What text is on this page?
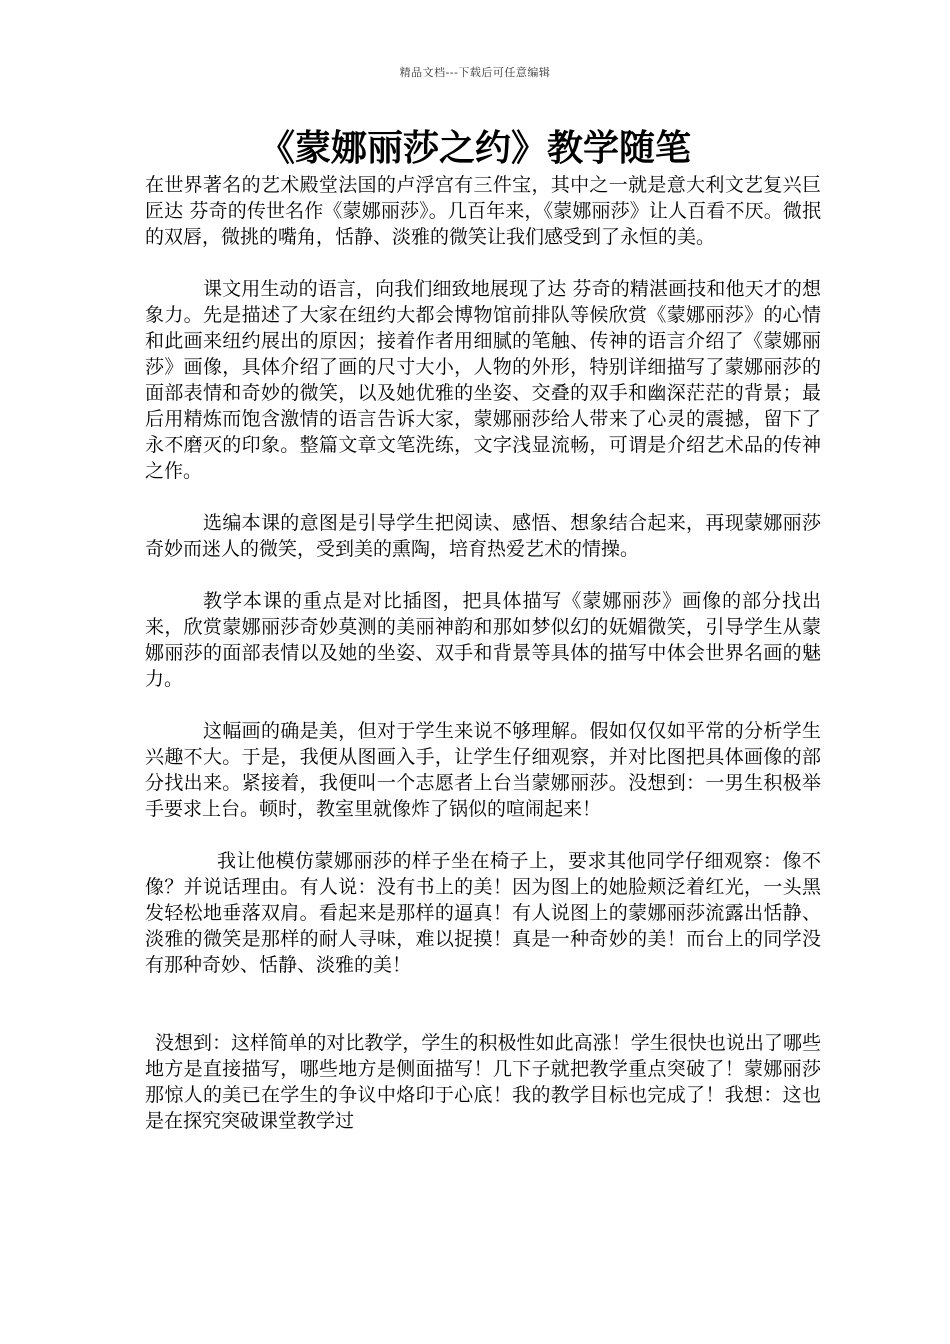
精品文档---下载后可任意编辑
《蒙娜丽莎之约》教学随笔

在世界著名的艺术殿堂法国的卢浮宫有三件宝，其中之一就是意大利文艺复兴巨匠达 芬奇的传世名作《蒙娜丽莎》。几百年来，《蒙娜丽莎》让人百看不厌。微抿的双唇，微挑的嘴角，恬静、淡雅的微笑让我们感受到了永恒的美。

课文用生动的语言，向我们细致地展现了达 芬奇的精湛画技和他天才的想象力。先是描述了大家在纽约大都会博物馆前排队等候欣赏《蒙娜丽莎》的心情和此画来纽约展出的原因；接着作者用细腻的笔触、传神的语言介绍了《蒙娜丽莎》画像，具体介绍了画的尺寸大小，人物的外形，特别详细描写了蒙娜丽莎的面部表情和奇妙的微笑，以及她优雅的坐姿、交叠的双手和幽深茫茫的背景；最后用精炼而饱含激情的语言告诉大家，蒙娜丽莎给人带来了心灵的震撼，留下了永不磨灭的印象。整篇文章文笔洗练，文字浅显流畅，可谓是介绍艺术品的传神之作。

选编本课的意图是引导学生把阅读、感悟、想象结合起来，再现蒙娜丽莎奇妙而迷人的微笑，受到美的熏陶，培育热爱艺术的情操。

教学本课的重点是对比插图，把具体描写《蒙娜丽莎》画像的部分找出来，欣赏蒙娜丽莎奇妙莫测的美丽神韵和那如梦似幻的妩媚微笑，引导学生从蒙娜丽莎的面部表情以及她的坐姿、双手和背景等具体的描写中体会世界名画的魅力。

这幅画的确是美，但对于学生来说不够理解。假如仅仅如平常的分析学生兴趣不大。于是，我便从图画入手，让学生仔细观察，并对比图把具体画像的部分找出来。紧接着，我便叫一个志愿者上台当蒙娜丽莎。没想到：一男生积极举手要求上台。顿时，教室里就像炸了锅似的喧闹起来！

我让他模仿蒙娜丽莎的样子坐在椅子上，要求其他同学仔细观察：像不像？并说话理由。有人说：没有书上的美！因为图上的她脸颊泛着红光，一头黑发轻松地垂落双肩。看起来是那样的逼真！有人说图上的蒙娜丽莎流露出恬静、淡雅的微笑是那样的耐人寻味，难以捉摸！真是一种奇妙的美！而台上的同学没有那种奇妙、恬静、淡雅的美！

没想到：这样简单的对比教学，学生的积极性如此高涨！学生很快也说出了哪些地方是直接描写，哪些地方是侧面描写！几下子就把教学重点突破了！蒙娜丽莎那惊人的美已在学生的争议中烙印于心底！我的教学目标也完成了！我想：这也是在探究突破课堂教学过
